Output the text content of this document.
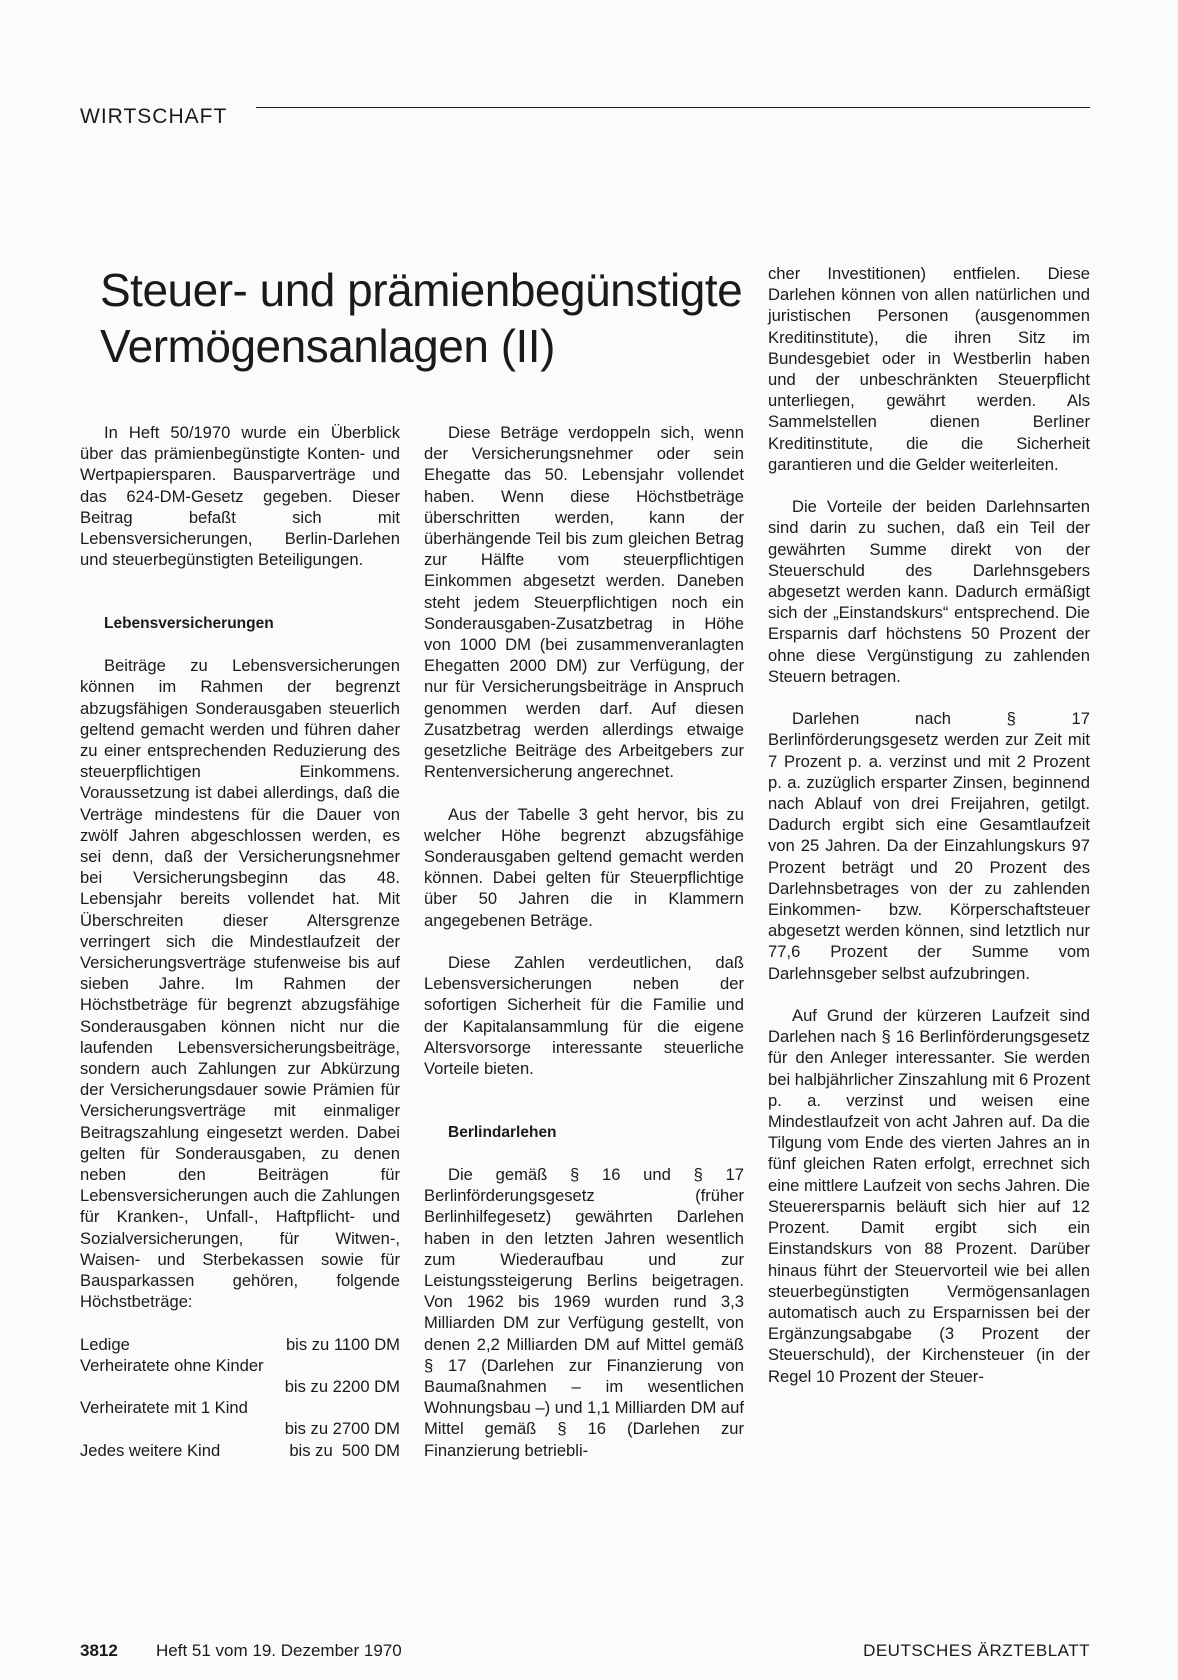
WIRTSCHAFT
Steuer- und prämienbegünstigte
Vermögensanlagen (II)

In Heft 50/1970 wurde ein Überblick über das prämienbegünstigte Konten- und Wertpapiersparen. Bausparverträge und das 624-DM-Gesetz gegeben. Dieser Beitrag befaßt sich mit Lebensversicherungen, Berlin-Darlehen und steuerbegünstigten Beteiligungen.

Lebensversicherungen

Beiträge zu Lebensversicherungen können im Rahmen der begrenzt abzugsfähigen Sonderausgaben steuerlich geltend gemacht werden und führen daher zu einer entsprechenden Reduzierung des steuerpflichtigen Einkommens. Voraussetzung ist dabei allerdings, daß die Verträge mindestens für die Dauer von zwölf Jahren abgeschlossen werden, es sei denn, daß der Versicherungsnehmer bei Versicherungsbeginn das 48. Lebensjahr bereits vollendet hat. Mit Überschreiten dieser Altersgrenze verringert sich die Mindestlaufzeit der Versicherungsverträge stufenweise bis auf sieben Jahre. Im Rahmen der Höchstbeträge für begrenzt abzugsfähige Sonderausgaben können nicht nur die laufenden Lebensversicherungsbeiträge, sondern auch Zahlungen zur Abkürzung der Versicherungsdauer sowie Prämien für Versicherungsverträge mit einmaliger Beitragszahlung eingesetzt werden. Dabei gelten für Sonderausgaben, zu denen neben den Beiträgen für Lebensversicherungen auch die Zahlungen für Kranken-, Unfall-, Haftpflicht- und Sozialversicherungen, für Witwen-, Waisen- und Sterbekassen sowie für Bausparkassen gehören, folgende Höchstbeträge:

Ledige	bis zu 1100 DM
Verheiratete ohne Kinder
bis zu 2200 DM
Verheiratete mit 1 Kind
bis zu 2700 DM
Jedes weitere Kind	bis zu  500 DM

Diese Beträge verdoppeln sich, wenn der Versicherungsnehmer oder sein Ehegatte das 50. Lebensjahr vollendet haben. Wenn diese Höchstbeträge überschritten werden, kann der überhängende Teil bis zum gleichen Betrag zur Hälfte vom steuerpflichtigen Einkommen abgesetzt werden. Daneben steht jedem Steuerpflichtigen noch ein Sonderausgaben-Zusatzbetrag in Höhe von 1000 DM (bei zusammenveranlagten Ehegatten 2000 DM) zur Verfügung, der nur für Versicherungsbeiträge in Anspruch genommen werden darf. Auf diesen Zusatzbetrag werden allerdings etwaige gesetzliche Beiträge des Arbeitgebers zur Rentenversicherung angerechnet.

Aus der Tabelle 3 geht hervor, bis zu welcher Höhe begrenzt abzugsfähige Sonderausgaben geltend gemacht werden können. Dabei gelten für Steuerpflichtige über 50 Jahren die in Klammern angegebenen Beträge.

Diese Zahlen verdeutlichen, daß Lebensversicherungen neben der sofortigen Sicherheit für die Familie und der Kapitalansammlung für die eigene Altersvorsorge interessante steuerliche Vorteile bieten.

Berlindarlehen

Die gemäß § 16 und § 17 Berlinförderungsgesetz (früher Berlinhilfegesetz) gewährten Darlehen haben in den letzten Jahren wesentlich zum Wiederaufbau und zur Leistungssteigerung Berlins beigetragen. Von 1962 bis 1969 wurden rund 3,3 Milliarden DM zur Verfügung gestellt, von denen 2,2 Milliarden DM auf Mittel gemäß § 17 (Darlehen zur Finanzierung von Baumaßnahmen – im wesentlichen Wohnungsbau –) und 1,1 Milliarden DM auf Mittel gemäß § 16 (Darlehen zur Finanzierung betriebli-

cher Investitionen) entfielen. Diese Darlehen können von allen natürlichen und juristischen Personen (ausgenommen Kreditinstitute), die ihren Sitz im Bundesgebiet oder in Westberlin haben und der unbeschränkten Steuerpflicht unterliegen, gewährt werden. Als Sammelstellen dienen Berliner Kreditinstitute, die die Sicherheit garantieren und die Gelder weiterleiten.

Die Vorteile der beiden Darlehnsarten sind darin zu suchen, daß ein Teil der gewährten Summe direkt von der Steuerschuld des Darlehnsgebers abgesetzt werden kann. Dadurch ermäßigt sich der „Einstandskurs“ entsprechend. Die Ersparnis darf höchstens 50 Prozent der ohne diese Vergünstigung zu zahlenden Steuern betragen.

Darlehen nach § 17 Berlinförderungsgesetz werden zur Zeit mit 7 Prozent p. a. verzinst und mit 2 Prozent p. a. zuzüglich ersparter Zinsen, beginnend nach Ablauf von drei Freijahren, getilgt. Dadurch ergibt sich eine Gesamtlaufzeit von 25 Jahren. Da der Einzahlungskurs 97 Prozent beträgt und 20 Prozent des Darlehnsbetrages von der zu zahlenden Einkommen- bzw. Körperschaftsteuer abgesetzt werden können, sind letztlich nur 77,6 Prozent der Summe vom Darlehnsgeber selbst aufzubringen.

Auf Grund der kürzeren Laufzeit sind Darlehen nach § 16 Berlinförderungsgesetz für den Anleger interessanter. Sie werden bei halbjährlicher Zinszahlung mit 6 Prozent p. a. verzinst und weisen eine Mindestlaufzeit von acht Jahren auf. Da die Tilgung vom Ende des vierten Jahres an in fünf gleichen Raten erfolgt, errechnet sich eine mittlere Laufzeit von sechs Jahren. Die Steuerersparnis beläuft sich hier auf 12 Prozent. Damit ergibt sich ein Einstandskurs von 88 Prozent. Darüber hinaus führt der Steuervorteil wie bei allen steuerbegünstigten Vermögensanlagen automatisch auch zu Ersparnissen bei der Ergänzungsabgabe (3 Prozent der Steuerschuld), der Kirchensteuer (in der Regel 10 Prozent der Steuer-

3812 Heft 51 vom 19. Dezember 1970	DEUTSCHES ÄRZTEBLATT
